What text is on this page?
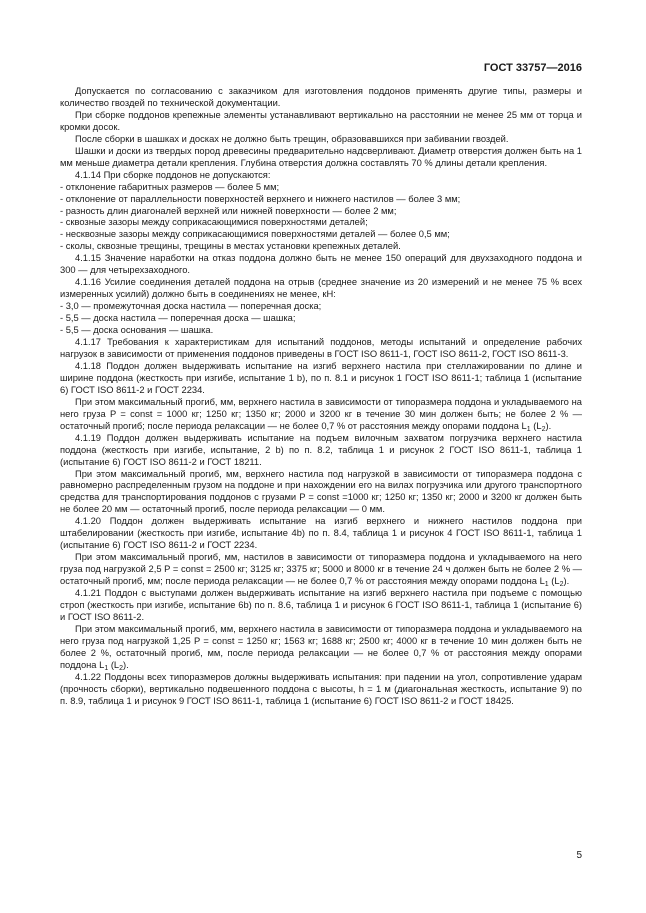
ГОСТ 33757—2016

Допускается по согласованию с заказчиком для изготовления поддонов применять другие типы, размеры и количество гвоздей по технической документации.

При сборке поддонов крепежные элементы устанавливают вертикально на расстоянии не менее 25 мм от торца и кромки досок.

После сборки в шашках и досках не должно быть трещин, образовавшихся при забивании гвоздей.

Шашки и доски из твердых пород древесины предварительно надсверливают. Диаметр отверстия должен быть на 1 мм меньше диаметра детали крепления. Глубина отверстия должна составлять 70 % длины детали крепления.

4.1.14 При сборке поддонов не допускаются:

- отклонение габаритных размеров — более 5 мм;

- отклонение от параллельности поверхностей верхнего и нижнего настилов — более 3 мм;

- разность длин диагоналей верхней или нижней поверхности — более 2 мм;

- сквозные зазоры между соприкасающимися поверхностями деталей;

- несквозные зазоры между соприкасающимися поверхностями деталей — более 0,5 мм;

- сколы, сквозные трещины, трещины в местах установки крепежных деталей.

4.1.15 Значение наработки на отказ поддона должно быть не менее 150 операций для двухзаходного поддона и 300 — для четырехзаходного.

4.1.16 Усилие соединения деталей поддона на отрыв (среднее значение из 20 измерений и не менее 75 % всех измеренных усилий) должно быть в соединениях не менее, кН:

- 3,0 — промежуточная доска настила — поперечная доска;

- 5,5 — доска настила — поперечная доска — шашка;

- 5,5 — доска основания — шашка.

4.1.17 Требования к характеристикам для испытаний поддонов, методы испытаний и определение рабочих нагрузок в зависимости от применения поддонов приведены в ГОСТ ISO 8611-1, ГОСТ ISO 8611-2, ГОСТ ISO 8611-3.

4.1.18 Поддон должен выдерживать испытание на изгиб верхнего настила при стеллажировании по длине и ширине поддона (жесткость при изгибе, испытание 1 b), по п. 8.1 и рисунок 1 ГОСТ ISO 8611-1; таблица 1 (испытание 6) ГОСТ ISO 8611-2 и ГОСТ 2234.

При этом максимальный прогиб, мм, верхнего настила в зависимости от типоразмера поддона и укладываемого на него груза P = const = 1000 кг; 1250 кг; 1350 кг; 2000 и 3200 кг в течение 30 мин должен быть; не более 2 % — остаточный прогиб; после периода релаксации — не более 0,7 % от расстояния между опорами поддона $L_1$ $(L_2)$.

4.1.19 Поддон должен выдерживать испытание на подъем вилочным захватом погрузчика верхнего настила поддона (жесткость при изгибе, испытание, 2 b) по п. 8.2, таблица 1 и рисунок 2 ГОСТ ISO 8611-1, таблица 1 (испытание 6) ГОСТ ISO 8611-2 и ГОСТ 18211.

При этом максимальный прогиб, мм, верхнего настила под нагрузкой в зависимости от типоразмера поддона с равномерно распределенным грузом на поддоне и при нахождении его на вилах погрузчика или другого транспортного средства для транспортирования поддонов с грузами P = const =1000 кг; 1250 кг; 1350 кг; 2000 и 3200 кг должен быть не более 20 мм — остаточный прогиб, после периода релаксации — 0 мм.

4.1.20 Поддон должен выдерживать испытание на изгиб верхнего и нижнего настилов поддона при штабелировании (жесткость при изгибе, испытание 4b) по п. 8.4, таблица 1 и рисунок 4 ГОСТ ISO 8611-1, таблица 1 (испытание 6) ГОСТ ISO 8611-2 и ГОСТ 2234.

При этом максимальный прогиб, мм, настилов в зависимости от типоразмера поддона и укладываемого на него груза под нагрузкой 2,5 P = const = 2500 кг; 3125 кг; 3375 кг; 5000 и 8000 кг в течение 24 ч должен быть не более 2 % — остаточный прогиб, мм; после периода релаксации — не более 0,7 % от расстояния между опорами поддона $L_1$ $(L_2)$.

4.1.21 Поддон с выступами должен выдерживать испытание на изгиб верхнего настила при подъеме с помощью строп (жесткость при изгибе, испытание 6b) по п. 8.6, таблица 1 и рисунок 6 ГОСТ ISO 8611-1, таблица 1 (испытание 6) и ГОСТ ISO 8611-2.

При этом максимальный прогиб, мм, верхнего настила в зависимости от типоразмера поддона и укладываемого на него груза под нагрузкой 1,25 P = const = 1250 кг; 1563 кг; 1688 кг; 2500 кг; 4000 кг в течение 10 мин должен быть не более 2 %, остаточный прогиб, мм, после периода релаксации — не более 0,7 % от расстояния между опорами поддона $L_1$ $(L_2)$.

4.1.22 Поддоны всех типоразмеров должны выдерживать испытания: при падении на угол, сопротивление ударам (прочность сборки), вертикально подвешенного поддона с высоты, h = 1 м (диагональная жесткость, испытание 9) по п. 8.9, таблица 1 и рисунок 9 ГОСТ ISO 8611-1, таблица 1 (испытание 6) ГОСТ ISO 8611-2 и ГОСТ 18425.

5
